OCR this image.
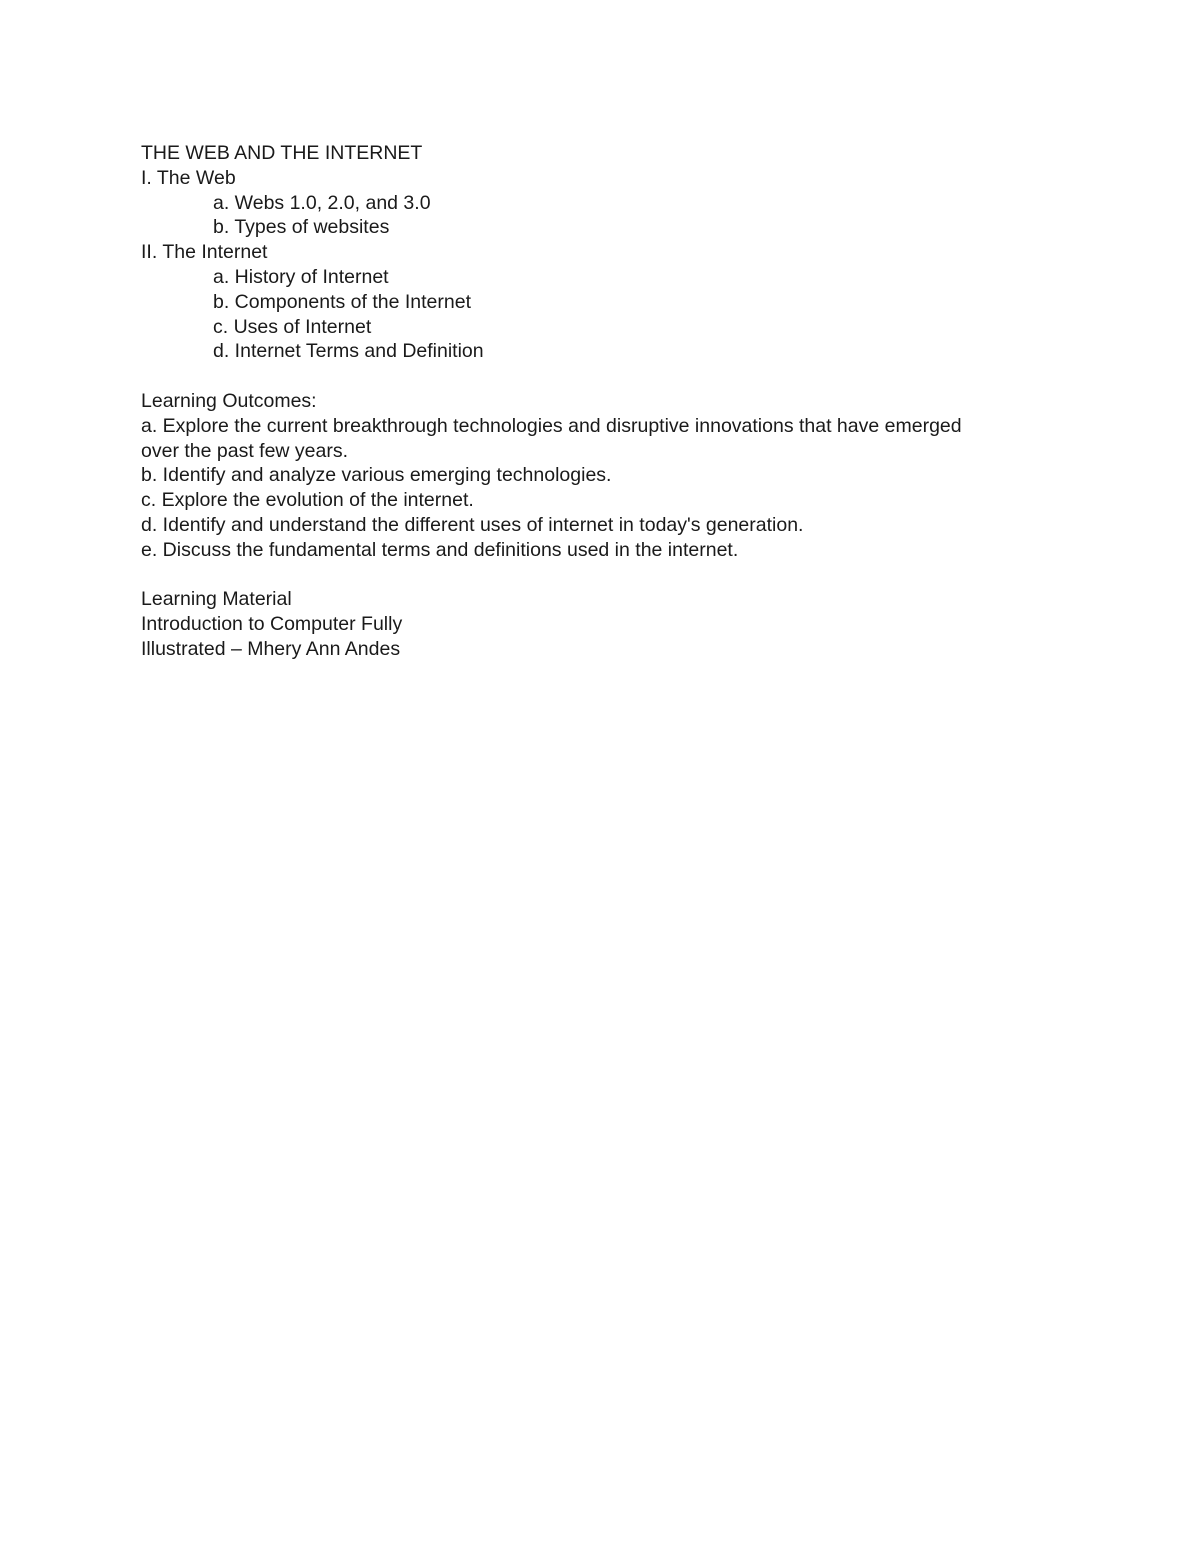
THE WEB AND THE INTERNET
I. The Web
a. Webs 1.0, 2.0, and 3.0
b. Types of websites
II. The Internet
a. History of Internet
b. Components of the Internet
c. Uses of Internet
d. Internet Terms and Definition
Learning Outcomes:
a. Explore the current breakthrough technologies and disruptive innovations that have emerged over the past few years.
b. Identify and analyze various emerging technologies.
c. Explore the evolution of the internet.
d. Identify and understand the different uses of internet in today's generation.
e. Discuss the fundamental terms and definitions used in the internet.
Learning Material
Introduction to Computer Fully
Illustrated – Mhery Ann Andes
